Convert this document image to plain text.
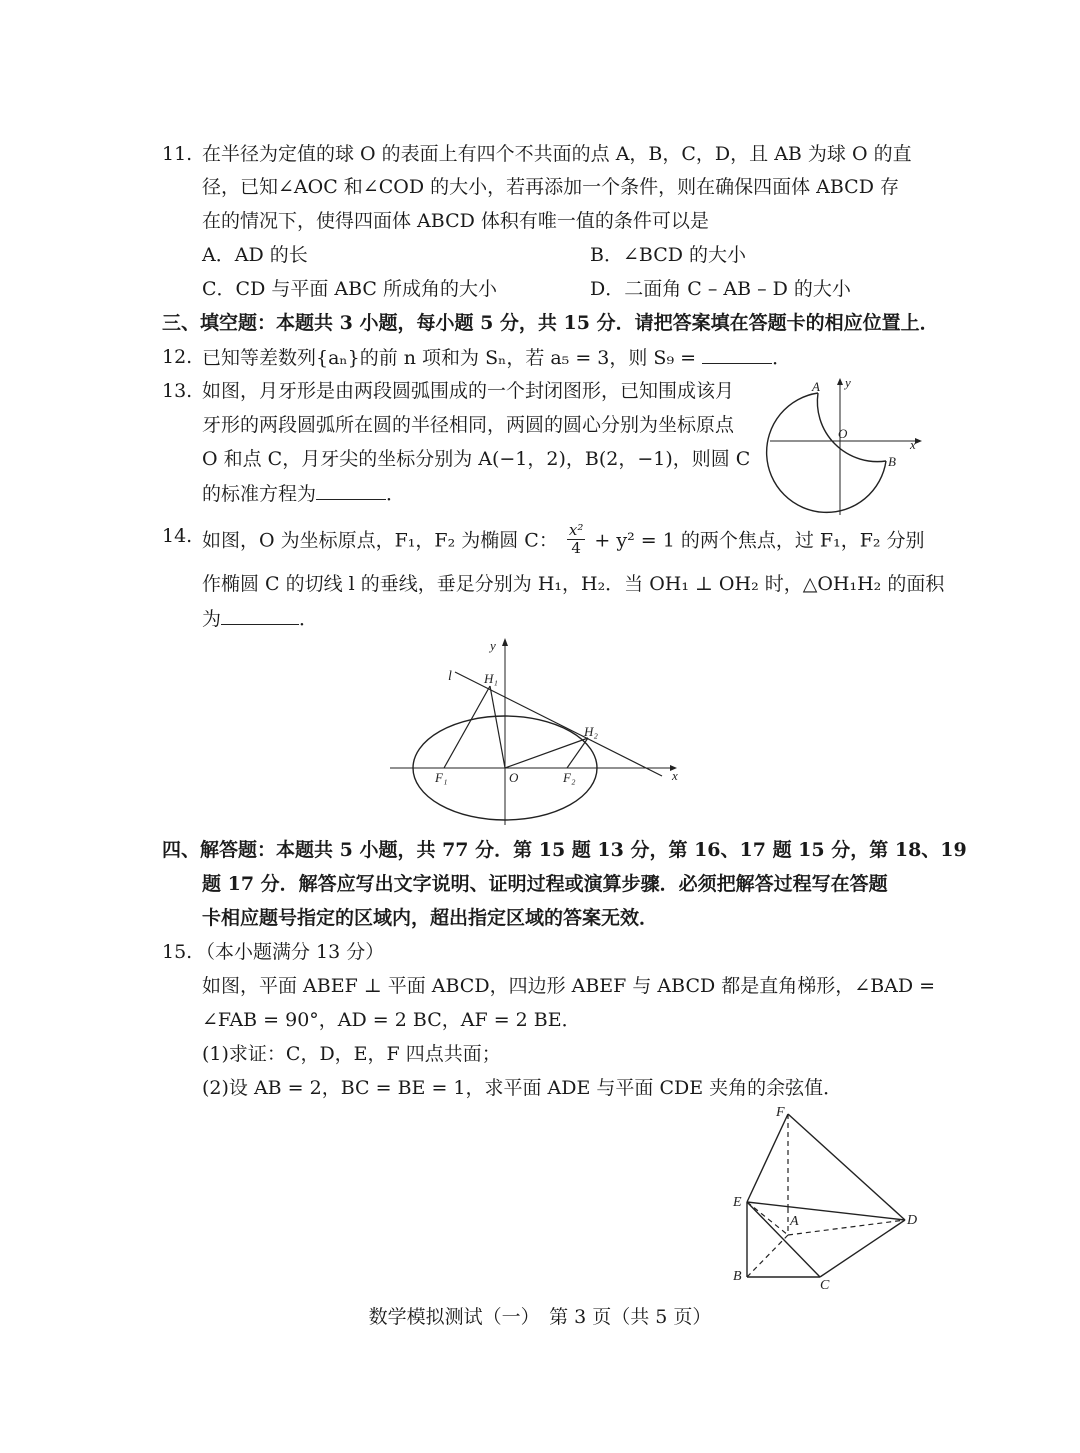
11. 在半径为定值的球 O 的表面上有四个不共面的点 A，B，C，D，且 AB 为球 O 的直
径，已知∠AOC 和∠COD 的大小，若再添加一个条件，则在确保四面体 ABCD 存
在的情况下，使得四面体 ABCD 体积有唯一值的条件可以是
A．AD 的长	B．∠BCD 的大小
C．CD 与平面 ABC 所成角的大小	D．二面角 C – AB – D 的大小
三、填空题：本题共 3 小题，每小题 5 分，共 15 分．请把答案填在答题卡的相应位置上．
12. 已知等差数列{aₙ}的前 n 项和为 Sₙ，若 a₅ = 3，则 S₉ =	．
13. 如图，月牙形是由两段圆弧围成的一个封闭图形，已知围成该月
牙形的两段圆弧所在圆的半径相同，两圆的圆心分别为坐标原点
O 和点 C，月牙尖的坐标分别为 A(−1，2)，B(2，−1)，则圆 C
的标准方程为	．
A y
O
x
B
14. 如图，O 为坐标原点，F₁，F₂ 为椭圆 C： $\frac{\text{x²}}{4} + y^2 = 1$ 的两个焦点，过 F₁，F₂ 分别
作椭圆 C 的切线 l 的垂线，垂足分别为 H₁，H₂．当 OH₁ ⊥ OH₂ 时，△OH₁H₂ 的面积
为	．
l H₁
H₂
y
x
F₁	O	F₂
四、解答题：本题共 5 小题，共 77 分．第 15 题 13 分，第 16、17 题 15 分，第 18、19
题 17 分．解答应写出文字说明、证明过程或演算步骤．必须把解答过程写在答题
卡相应题号指定的区域内，超出指定区域的答案无效．
15. （本小题满分 13 分）
如图，平面 ABEF ⊥ 平面 ABCD，四边形 ABEF 与 ABCD 都是直角梯形，∠BAD =
∠FAB = 90°，AD = 2 BC，AF = 2 BE．
(1)求证：C，D，E，F 四点共面；
(2)设 AB = 2，BC = BE = 1，求平面 ADE 与平面 CDE 夹角的余弦值．
F
E
A	D
B
C
数学模拟测试（一）　第 3 页（共 5 页）
